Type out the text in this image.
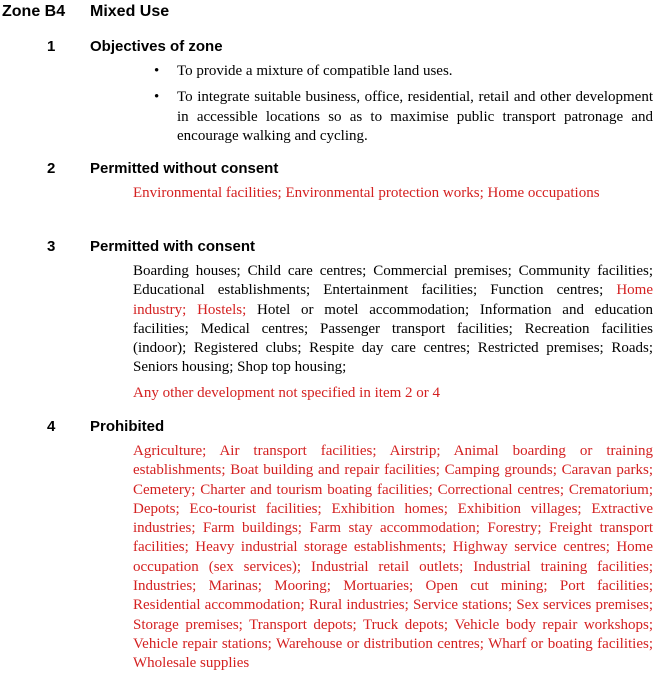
Zone B4 Mixed Use
1 Objectives of zone
• To provide a mixture of compatible land uses.
• To integrate suitable business, office, residential, retail and other development in accessible locations so as to maximise public transport patronage and encourage walking and cycling.
2 Permitted without consent

Environmental facilities; Environmental protection works; Home occupations

3 Permitted with consent

Boarding houses; Child care centres; Commercial premises; Community facilities; Educational establishments; Entertainment facilities; Function centres; Home industry; Hostels; Hotel or motel accommodation; Information and education facilities; Medical centres; Passenger transport facilities; Recreation facilities (indoor); Registered clubs; Respite day care centres; Restricted premises; Roads; Seniors housing; Shop top housing;

Any other development not specified in item 2 or 4

4 Prohibited

Agriculture; Air transport facilities; Airstrip; Animal boarding or training establishments; Boat building and repair facilities; Camping grounds; Caravan parks; Cemetery; Charter and tourism boating facilities; Correctional centres; Crematorium; Depots; Eco-tourist facilities; Exhibition homes; Exhibition villages; Extractive industries; Farm buildings; Farm stay accommodation; Forestry; Freight transport facilities; Heavy industrial storage establishments; Highway service centres; Home occupation (sex services); Industrial retail outlets; Industrial training facilities; Industries; Marinas; Mooring; Mortuaries; Open cut mining; Port facilities; Residential accommodation; Rural industries; Service stations; Sex services premises; Storage premises; Transport depots; Truck depots; Vehicle body repair workshops; Vehicle repair stations; Warehouse or distribution centres; Wharf or boating facilities; Wholesale supplies
